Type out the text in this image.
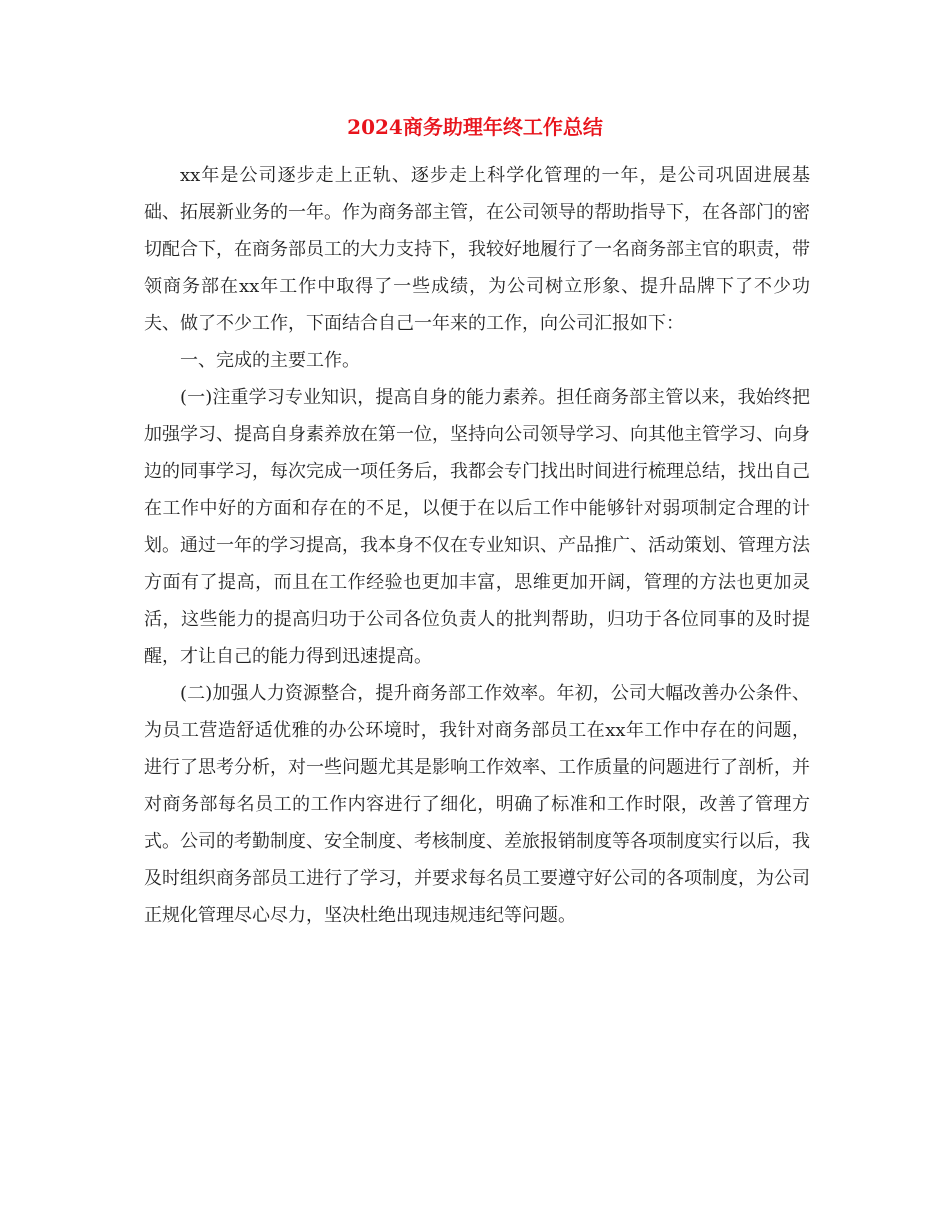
2024商务助理年终工作总结

xx年是公司逐步走上正轨、逐步走上科学化管理的一年，是公司巩固进展基础、拓展新业务的一年。作为商务部主管，在公司领导的帮助指导下，在各部门的密切配合下，在商务部员工的大力支持下，我较好地履行了一名商务部主官的职责，带领商务部在xx年工作中取得了一些成绩，为公司树立形象、提升品牌下了不少功夫、做了不少工作，下面结合自己一年来的工作，向公司汇报如下：

一、完成的主要工作。

(一)注重学习专业知识，提高自身的能力素养。担任商务部主管以来，我始终把加强学习、提高自身素养放在第一位，坚持向公司领导学习、向其他主管学习、向身边的同事学习，每次完成一项任务后，我都会专门找出时间进行梳理总结，找出自己在工作中好的方面和存在的不足，以便于在以后工作中能够针对弱项制定合理的计划。通过一年的学习提高，我本身不仅在专业知识、产品推广、活动策划、管理方法方面有了提高，而且在工作经验也更加丰富，思维更加开阔，管理的方法也更加灵活，这些能力的提高归功于公司各位负责人的批判帮助，归功于各位同事的及时提醒，才让自己的能力得到迅速提高。

(二)加强人力资源整合，提升商务部工作效率。年初，公司大幅改善办公条件、为员工营造舒适优雅的办公环境时，我针对商务部员工在xx年工作中存在的问题，进行了思考分析，对一些问题尤其是影响工作效率、工作质量的问题进行了剖析，并对商务部每名员工的工作内容进行了细化，明确了标准和工作时限，改善了管理方式。公司的考勤制度、安全制度、考核制度、差旅报销制度等各项制度实行以后，我及时组织商务部员工进行了学习，并要求每名员工要遵守好公司的各项制度，为公司正规化管理尽心尽力，坚决杜绝出现违规违纪等问题。
